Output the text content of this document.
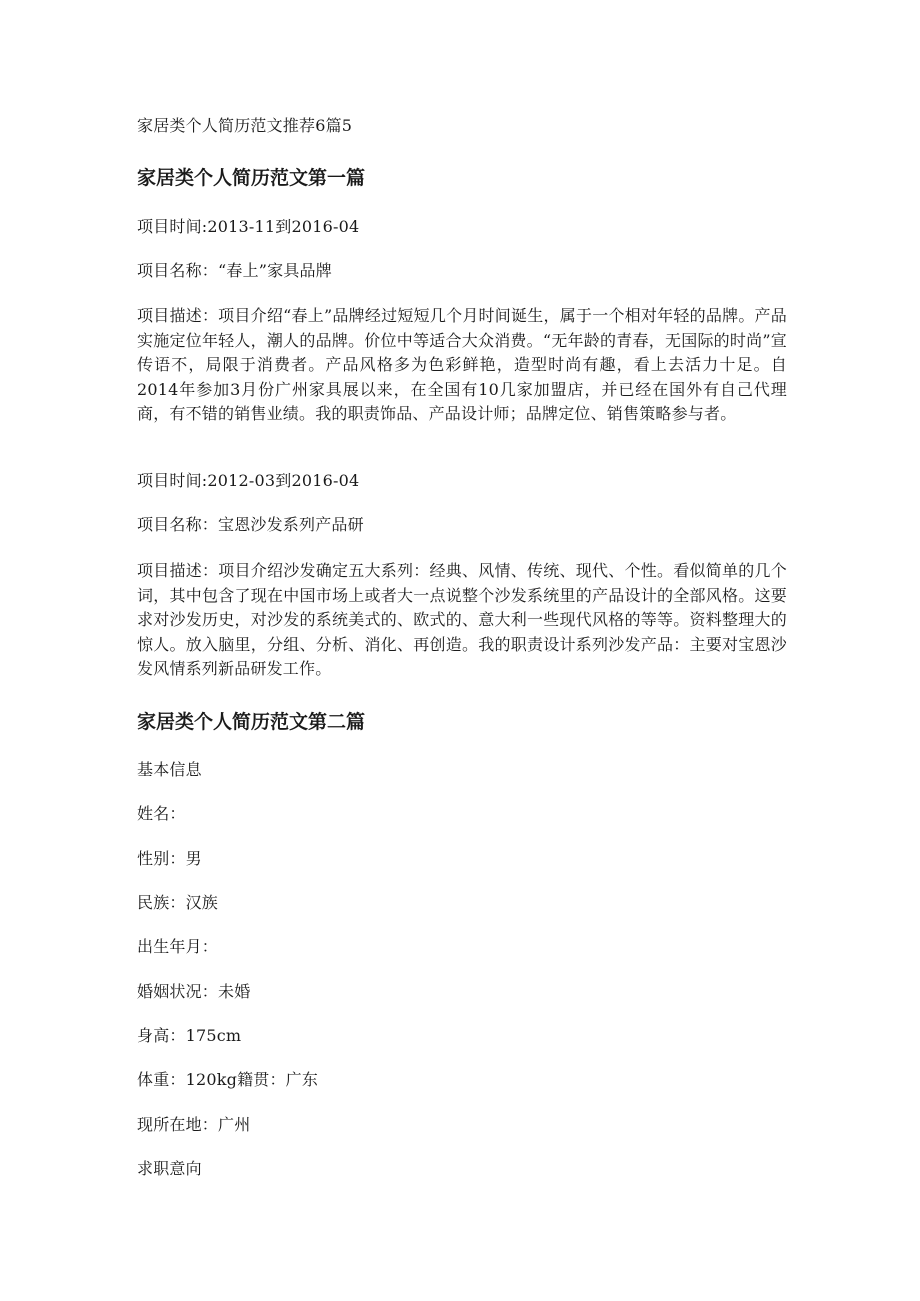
家居类个人简历范文推荐6篇5
家居类个人简历范文第一篇
项目时间:2013-11到2016-04
项目名称：“春上”家具品牌
项目描述：项目介绍“春上”品牌经过短短几个月时间诞生，属于一个相对年轻的品牌。产品实施定位年轻人，潮人的品牌。价位中等适合大众消费。“无年龄的青春，无国际的时尚”宣传语不，局限于消费者。产品风格多为色彩鲜艳，造型时尚有趣，看上去活力十足。自2014年参加3月份广州家具展以来，在全国有10几家加盟店，并已经在国外有自己代理商，有不错的销售业绩。我的职责饰品、产品设计师；品牌定位、销售策略参与者。
项目时间:2012-03到2016-04
项目名称：宝恩沙发系列产品研
项目描述：项目介绍沙发确定五大系列：经典、风情、传统、现代、个性。看似简单的几个词，其中包含了现在中国市场上或者大一点说整个沙发系统里的产品设计的全部风格。这要求对沙发历史，对沙发的系统美式的、欧式的、意大利一些现代风格的等等。资料整理大的惊人。放入脑里，分组、分析、消化、再创造。我的职责设计系列沙发产品：主要对宝恩沙发风情系列新品研发工作。
家居类个人简历范文第二篇
基本信息
姓名：
性别：男
民族：汉族
出生年月：
婚姻状况：未婚
身高：175cm
体重：120kg籍贯：广东
现所在地：广州
求职意向
